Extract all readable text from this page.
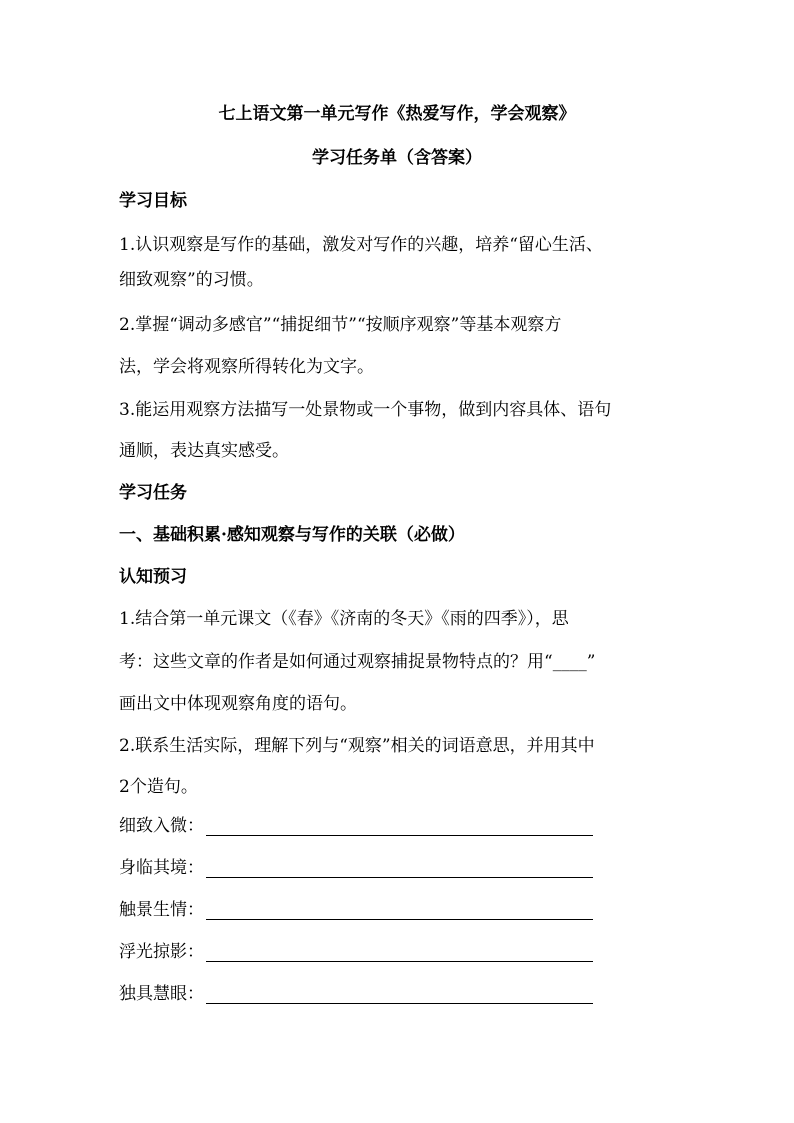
七上语文第一单元写作《热爱写作，学会观察》
学习任务单（含答案）
学习目标
1.认识观察是写作的基础，激发对写作的兴趣，培养“留心生活、
细致观察”的习惯。
2.掌握“调动多感官”“捕捉细节”“按顺序观察”等基本观察方
法，学会将观察所得转化为文字。
3.能运用观察方法描写一处景物或一个事物，做到内容具体、语句
通顺，表达真实感受。
学习任务
一、基础积累·感知观察与写作的关联（必做）
认知预习
1.结合第一单元课文（《春》《济南的冬天》《雨的四季》），思
考：这些文章的作者是如何通过观察捕捉景物特点的？用“____”
画出文中体现观察角度的语句。
2.联系生活实际，理解下列与“观察”相关的词语意思，并用其中
2个造句。
细致入微：
身临其境：
触景生情：
浮光掠影：
独具慧眼：
